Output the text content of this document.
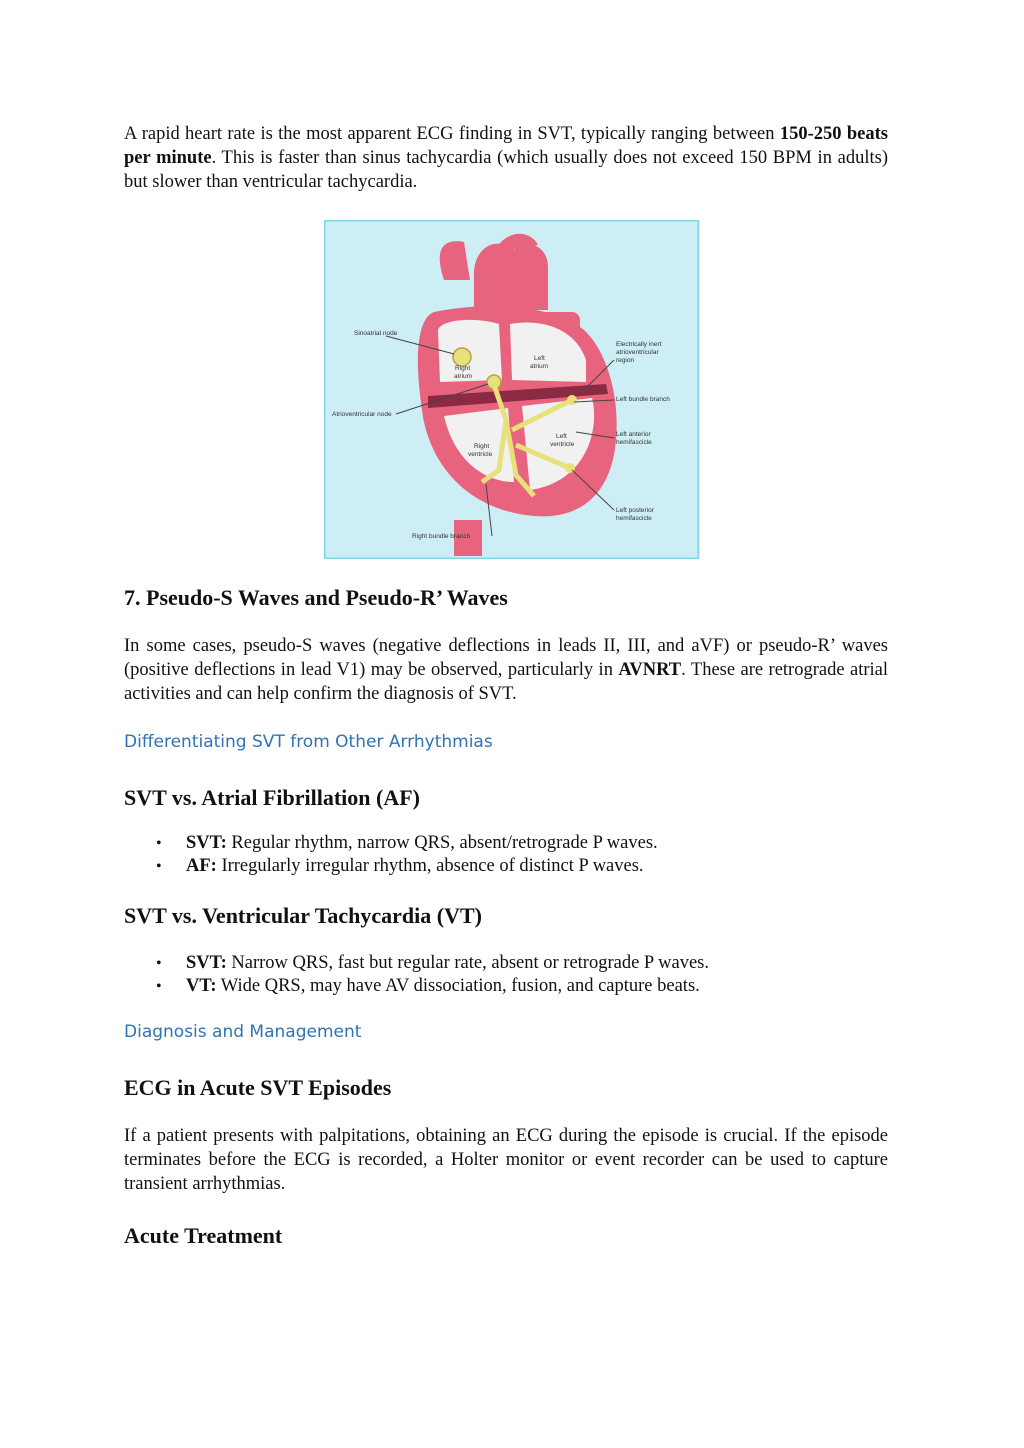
A rapid heart rate is the most apparent ECG finding in SVT, typically ranging between 150-250 beats per minute. This is faster than sinus tachycardia (which usually does not exceed 150 BPM in adults) but slower than ventricular tachycardia.

Sinoatrial node
Atrioventricular node
Right
atrium
Left
atrium
Right
ventricle
Left
ventricle
Electrically inert
atrioventricular
region
Left bundle branch
Left anterior
hemifascicle
Left posterior
hemifascicle
Right bundle branch
7. Pseudo-S Waves and Pseudo-R’ Waves

In some cases, pseudo-S waves (negative deflections in leads II, III, and aVF) or pseudo-R’ waves (positive deflections in lead V1) may be observed, particularly in AVNRT. These are retrograde atrial activities and can help confirm the diagnosis of SVT.

Differentiating SVT from Other Arrhythmias
SVT vs. Atrial Fibrillation (AF)
• SVT: Regular rhythm, narrow QRS, absent/retrograde P waves.
• AF: Irregularly irregular rhythm, absence of distinct P waves.
SVT vs. Ventricular Tachycardia (VT)
• SVT: Narrow QRS, fast but regular rate, absent or retrograde P waves.
• VT: Wide QRS, may have AV dissociation, fusion, and capture beats.
Diagnosis and Management
ECG in Acute SVT Episodes

If a patient presents with palpitations, obtaining an ECG during the episode is crucial. If the episode terminates before the ECG is recorded, a Holter monitor or event recorder can be used to capture transient arrhythmias.

Acute Treatment
